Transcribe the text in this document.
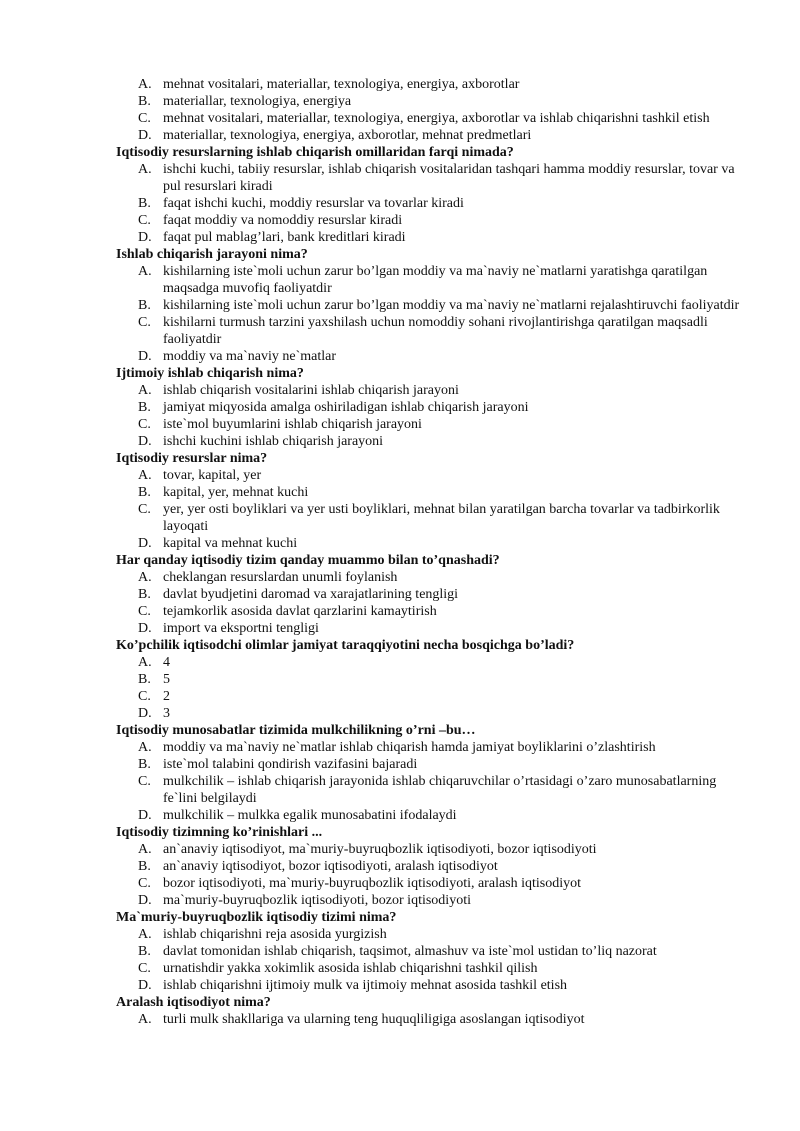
A. mehnat vositalari, materiallar, texnologiya, energiya, axborotlar
B. materiallar, texnologiya, energiya
C. mehnat vositalari, materiallar, texnologiya, energiya, axborotlar va ishlab chiqarishni tashkil etish
D. materiallar, texnologiya, energiya, axborotlar, mehnat predmetlari
Iqtisodiy resurslarning ishlab chiqarish omillaridan farqi nimada?
A. ishchi kuchi, tabiiy resurslar, ishlab chiqarish vositalaridan tashqari hamma moddiy resurslar, tovar va pul resurslari kiradi
B. faqat ishchi kuchi, moddiy resurslar va tovarlar kiradi
C. faqat moddiy va nomoddiy resurslar kiradi
D. faqat pul mablag’lari, bank kreditlari kiradi
Ishlab chiqarish jarayoni nima?
A. kishilarning iste`moli uchun zarur bo’lgan moddiy va ma`naviy ne`matlarni yaratishga qaratilgan maqsadga muvofiq faoliyatdir
B. kishilarning iste`moli uchun zarur bo’lgan moddiy va ma`naviy ne`matlarni rejalashtiruvchi faoliyatdir
C. kishilarni turmush tarzini yaxshilash uchun nomoddiy sohani rivojlantirishga qaratilgan maqsadli faoliyatdir
D. moddiy va ma`naviy ne`matlar
Ijtimoiy ishlab chiqarish nima?
A. ishlab chiqarish vositalarini ishlab chiqarish jarayoni
B. jamiyat miqyosida amalga oshiriladigan ishlab chiqarish jarayoni
C. iste`mol buyumlarini ishlab chiqarish jarayoni
D. ishchi kuchini ishlab chiqarish jarayoni
Iqtisodiy resurslar nima?
A. tovar, kapital, yer
B. kapital, yer, mehnat kuchi
C. yer, yer osti boyliklari va yer usti boyliklari, mehnat bilan yaratilgan barcha tovarlar va tadbirkorlik layoqati
D. kapital va mehnat kuchi
Har qanday iqtisodiy tizim qanday muammo bilan to’qnashadi?
A. cheklangan resurslardan unumli foylanish
B. davlat byudjetini daromad va xarajatlarining tengligi
C. tejamkorlik asosida davlat qarzlarini kamaytirish
D. import va eksportni tengligi
Ko’pchilik iqtisodchi olimlar jamiyat taraqqiyotini necha bosqichga bo’ladi?
A. 4
B. 5
C. 2
D. 3
Iqtisodiy munosabatlar tizimida mulkchilikning o’rni –bu…
A. moddiy va ma`naviy ne`matlar ishlab chiqarish hamda jamiyat boyliklarini o’zlashtirish
B. iste`mol talabini qondirish vazifasini bajaradi
C. mulkchilik – ishlab chiqarish jarayonida ishlab chiqaruvchilar o’rtasidagi o’zaro munosabatlarning fe`lini belgilaydi
D. mulkchilik – mulkka egalik munosabatini ifodalaydi
Iqtisodiy tizimning ko’rinishlari ...
A. an`anaviy iqtisodiyot, ma`muriy-buyruqbozlik iqtisodiyoti, bozor iqtisodiyoti
B. an`anaviy iqtisodiyot, bozor iqtisodiyoti, aralash iqtisodiyot
C. bozor iqtisodiyoti, ma`muriy-buyruqbozlik iqtisodiyoti, aralash iqtisodiyot
D. ma`muriy-buyruqbozlik iqtisodiyoti, bozor iqtisodiyoti
Ma`muriy-buyruqbozlik iqtisodiy tizimi nima?
A. ishlab chiqarishni reja asosida yurgizish
B. davlat tomonidan ishlab chiqarish, taqsimot, almashuv va iste`mol ustidan to’liq nazorat
C. urnatishdir yakka xokimlik asosida ishlab chiqarishni tashkil qilish
D. ishlab chiqarishni ijtimoiy mulk va ijtimoiy mehnat asosida tashkil etish
Aralash iqtisodiyot nima?
A. turli mulk shakllariga va ularning teng huquqliligiga asoslangan iqtisodiyot
